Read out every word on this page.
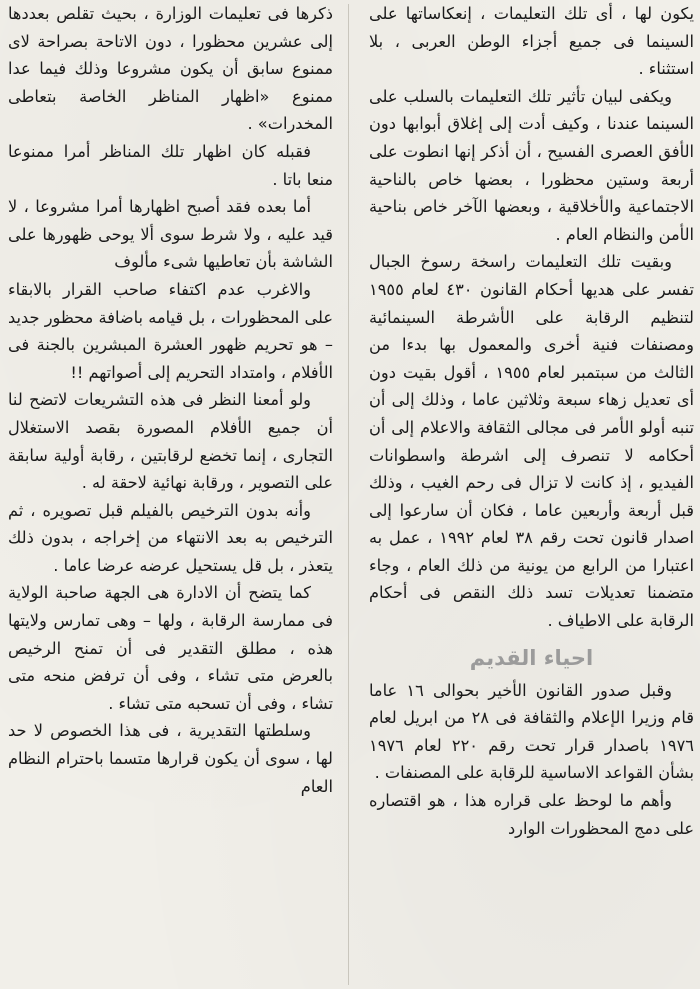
يكون لها ، أى تلك التعليمات ، إنعكاساتها على السينما فى جميع أجزاء الوطن العربى ، بلا استثناء .

ويكفى لبيان تأثير تلك التعليمات بالسلب على السينما عندنا ، وكيف أدت إلى إغلاق أبوابها دون الأفق العصرى الفسيح ، أن أذكر إنها انطوت على أربعة وستين محظورا ، بعضها خاص بالناحية الاجتماعية والأخلاقية ، وبعضها الآخر خاص بناحية الأمن والنظام العام .

وبقيت تلك التعليمات راسخة رسوخ الجبال تفسر على هديها أحكام القانون ٤٣٠ لعام ١٩٥٥ لتنظيم الرقابة على الأشرطة السينمائية ومصنفات فنية أخرى والمعمول بها بدءا من الثالث من سبتمبر لعام ١٩٥٥ ، أقول بقيت دون أى تعديل زهاء سبعة وثلاثين عاما ، وذلك إلى أن تنبه أولو الأمر فى مجالى الثقافة والاعلام إلى أن أحكامه لا تنصرف إلى اشرطة واسطوانات الفيديو ، إذ كانت لا تزال فى رحم الغيب ، وذلك قبل أربعة وأربعين عاما ، فكان أن سارعوا إلى اصدار قانون تحت رقم ٣٨ لعام ١٩٩٢ ، عمل به اعتبارا من الرابع من يونية من ذلك العام ، وجاء متضمنا تعديلات تسد ذلك النقص فى أحكام الرقابة على الاطياف .

احياء القديم

وقبل صدور القانون الأخير بحوالى ١٦ عاما قام وزيرا الإعلام والثقافة فى ٢٨ من ابريل لعام ١٩٧٦ باصدار قرار تحت رقم ٢٢٠ لعام ١٩٧٦ بشأن القواعد الاساسية للرقابة على المصنفات .

وأهم ما لوحظ على قراره هذا ، هو اقتصاره على دمج المحظورات الوارد

ذكرها فى تعليمات الوزارة ، بحيث تقلص بعددها إلى عشرين محظورا ، دون الاتاحة بصراحة لاى ممنوع سابق أن يكون مشروعا وذلك فيما عدا ممنوع «اظهار المناظر الخاصة بتعاطى المخدرات» .

فقبله كان اظهار تلك المناظر أمرا ممنوعا منعا باتا .

أما بعده فقد أصبح اظهارها أمرا مشروعا ، لا قيد عليه ، ولا شرط سوى ألا يوحى ظهورها على الشاشة بأن تعاطيها شىء مألوف

والاغرب عدم اكتفاء صاحب القرار بالابقاء على المحظورات ، بل قيامه باضافة محظور جديد – هو تحريم ظهور العشرة المبشرين بالجنة فى الأفلام ، وامتداد التحريم إلى أصواتهم !!

ولو أمعنا النظر فى هذه التشريعات لاتضح لنا أن جميع الأفلام المصورة بقصد الاستغلال التجارى ، إنما تخضع لرقابتين ، رقابة أولية سابقة على التصوير ، ورقابة نهائية لاحقة له .

وأنه بدون الترخيص بالفيلم قبل تصويره ، ثم الترخيص به بعد الانتهاء من إخراجه ، بدون ذلك يتعذر ، بل قل يستحيل عرضه عرضا عاما .

كما يتضح أن الادارة هى الجهة صاحبة الولاية فى ممارسة الرقابة ، ولها – وهى تمارس ولايتها هذه ، مطلق التقدير فى أن تمنح الرخيص بالعرض متى تشاء ، وفى أن ترفض منحه متى تشاء ، وفى أن تسحبه متى تشاء .

وسلطتها التقديرية ، فى هذا الخصوص لا حد لها ، سوى أن يكون قرارها متسما باحترام النظام العام
